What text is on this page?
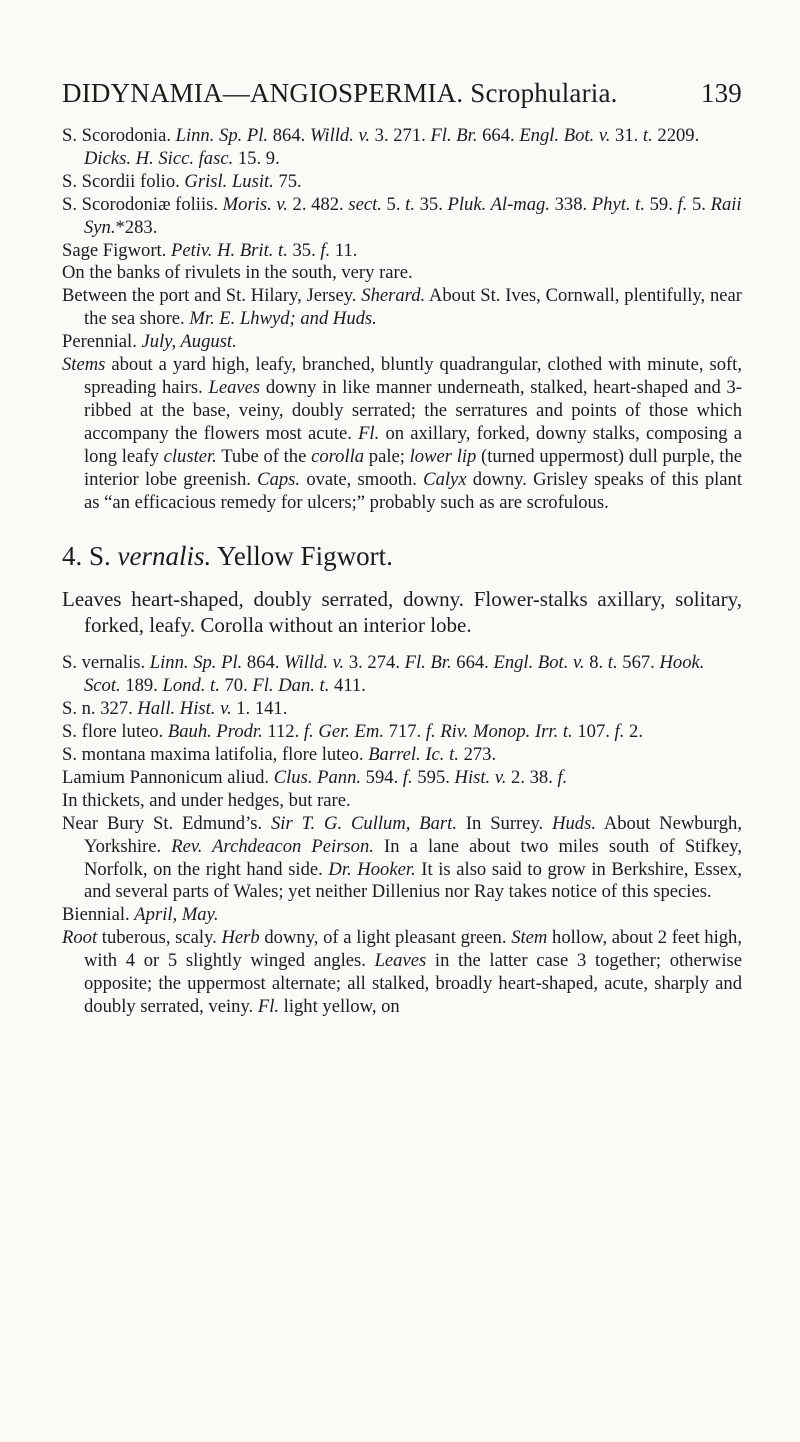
DIDYNAMIA—ANGIOSPERMIA. Scrophularia.	139

S. Scorodonia. Linn. Sp. Pl. 864. Willd. v. 3. 271. Fl. Br. 664. Engl. Bot. v. 31. t. 2209. Dicks. H. Sicc. fasc. 15. 9.

S. Scordii folio. Grisl. Lusit. 75.

S. Scorodoniæ foliis. Moris. v. 2. 482. sect. 5. t. 35. Pluk. Al-mag. 338. Phyt. t. 59. f. 5. Raii Syn.*283.

Sage Figwort. Petiv. H. Brit. t. 35. f. 11.

On the banks of rivulets in the south, very rare.

Between the port and St. Hilary, Jersey. Sherard. About St. Ives, Cornwall, plentifully, near the sea shore. Mr. E. Lhwyd; and Huds.

Perennial. July, August.

Stems about a yard high, leafy, branched, bluntly quadrangular, clothed with minute, soft, spreading hairs. Leaves downy in like manner underneath, stalked, heart-shaped and 3-ribbed at the base, veiny, doubly serrated; the serratures and points of those which accompany the flowers most acute. Fl. on axillary, forked, downy stalks, composing a long leafy cluster. Tube of the corolla pale; lower lip (turned uppermost) dull purple, the interior lobe greenish. Caps. ovate, smooth. Calyx downy. Grisley speaks of this plant as “an efficacious remedy for ulcers;” probably such as are scrofulous.

4. S. vernalis. Yellow Figwort.

Leaves heart-shaped, doubly serrated, downy. Flower-stalks axillary, solitary, forked, leafy. Corolla without an interior lobe.

S. vernalis. Linn. Sp. Pl. 864. Willd. v. 3. 274. Fl. Br. 664. Engl. Bot. v. 8. t. 567. Hook. Scot. 189. Lond. t. 70. Fl. Dan. t. 411.

S. n. 327. Hall. Hist. v. 1. 141.

S. flore luteo. Bauh. Prodr. 112. f. Ger. Em. 717. f. Riv. Monop. Irr. t. 107. f. 2.

S. montana maxima latifolia, flore luteo. Barrel. Ic. t. 273.

Lamium Pannonicum aliud. Clus. Pann. 594. f. 595. Hist. v. 2. 38. f.

In thickets, and under hedges, but rare.

Near Bury St. Edmund’s. Sir T. G. Cullum, Bart. In Surrey. Huds. About Newburgh, Yorkshire. Rev. Archdeacon Peirson. In a lane about two miles south of Stifkey, Norfolk, on the right hand side. Dr. Hooker. It is also said to grow in Berkshire, Essex, and several parts of Wales; yet neither Dillenius nor Ray takes notice of this species.

Biennial. April, May.

Root tuberous, scaly. Herb downy, of a light pleasant green. Stem hollow, about 2 feet high, with 4 or 5 slightly winged angles. Leaves in the latter case 3 together; otherwise opposite; the uppermost alternate; all stalked, broadly heart-shaped, acute, sharply and doubly serrated, veiny. Fl. light yellow, on
